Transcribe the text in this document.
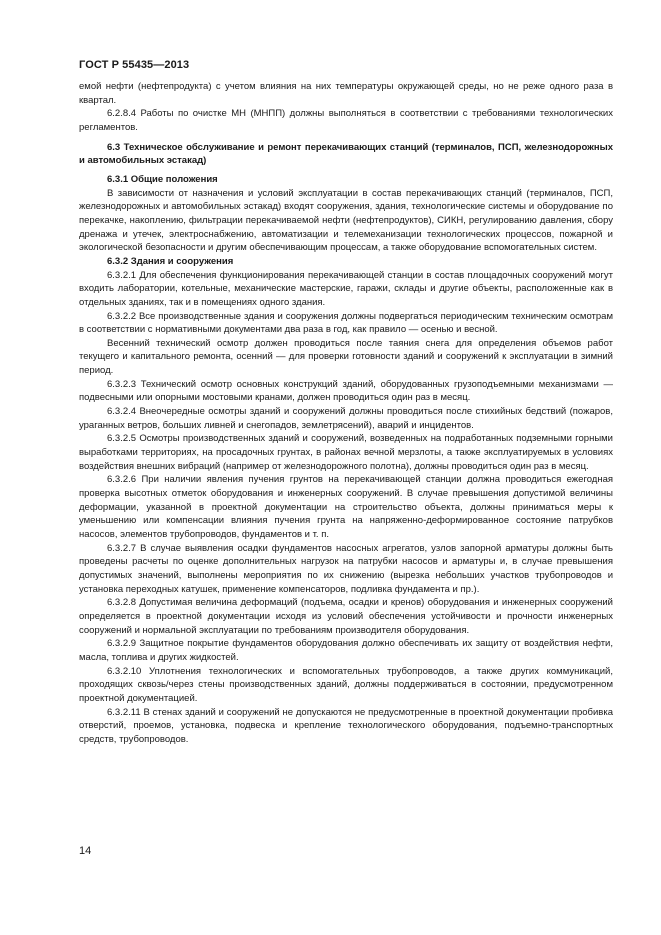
ГОСТ Р 55435—2013

емой нефти (нефтепродукта) с учетом влияния на них температуры окружающей среды, но не реже одного раза в квартал.

6.2.8.4 Работы по очистке МН (МНПП) должны выполняться в соответствии с требованиями технологических регламентов.

6.3 Техническое обслуживание и ремонт перекачивающих станций (терминалов, ПСП, железнодорожных и автомобильных эстакад)

6.3.1 Общие положения

В зависимости от назначения и условий эксплуатации в состав перекачивающих станций (терминалов, ПСП, железнодорожных и автомобильных эстакад) входят сооружения, здания, технологические системы и оборудование по перекачке, накоплению, фильтрации перекачиваемой нефти (нефтепродуктов), СИКН, регулированию давления, сбору дренажа и утечек, электроснабжению, автоматизации и телемеханизации технологических процессов, пожарной и экологической безопасности и другим обеспечивающим процессам, а также оборудование вспомогательных систем.

6.3.2 Здания и сооружения

6.3.2.1 Для обеспечения функционирования перекачивающей станции в состав площадочных сооружений могут входить лаборатории, котельные, механические мастерские, гаражи, склады и другие объекты, расположенные как в отдельных зданиях, так и в помещениях одного здания.

6.3.2.2 Все производственные здания и сооружения должны подвергаться периодическим техническим осмотрам в соответствии с нормативными документами два раза в год, как правило — осенью и весной.

Весенний технический осмотр должен проводиться после таяния снега для определения объемов работ текущего и капитального ремонта, осенний — для проверки готовности зданий и сооружений к эксплуатации в зимний период.

6.3.2.3 Технический осмотр основных конструкций зданий, оборудованных грузоподъемными механизмами — подвесными или опорными мостовыми кранами, должен проводиться один раз в месяц.

6.3.2.4 Внеочередные осмотры зданий и сооружений должны проводиться после стихийных бедствий (пожаров, ураганных ветров, больших ливней и снегопадов, землетрясений), аварий и инцидентов.

6.3.2.5 Осмотры производственных зданий и сооружений, возведенных на подработанных подземными горными выработками территориях, на просадочных грунтах, в районах вечной мерзлоты, а также эксплуатируемых в условиях воздействия внешних вибраций (например от железнодорожного полотна), должны проводиться один раз в месяц.

6.3.2.6 При наличии явления пучения грунтов на перекачивающей станции должна проводиться ежегодная проверка высотных отметок оборудования и инженерных сооружений. В случае превышения допустимой величины деформации, указанной в проектной документации на строительство объекта, должны приниматься меры к уменьшению или компенсации влияния пучения грунта на напряженно-деформированное состояние патрубков насосов, элементов трубопроводов, фундаментов и т. п.

6.3.2.7 В случае выявления осадки фундаментов насосных агрегатов, узлов запорной арматуры должны быть проведены расчеты по оценке дополнительных нагрузок на патрубки насосов и арматуры и, в случае превышения допустимых значений, выполнены мероприятия по их снижению (вырезка небольших участков трубопроводов и установка переходных катушек, применение компенсаторов, подливка фундамента и пр.).

6.3.2.8 Допустимая величина деформаций (подъема, осадки и кренов) оборудования и инженерных сооружений определяется в проектной документации исходя из условий обеспечения устойчивости и прочности инженерных сооружений и нормальной эксплуатации по требованиям производителя оборудования.

6.3.2.9 Защитное покрытие фундаментов оборудования должно обеспечивать их защиту от воздействия нефти, масла, топлива и других жидкостей.

6.3.2.10 Уплотнения технологических и вспомогательных трубопроводов, а также других коммуникаций, проходящих сквозь/через стены производственных зданий, должны поддерживаться в состоянии, предусмотренном проектной документацией.

6.3.2.11 В стенах зданий и сооружений не допускаются не предусмотренные в проектной документации пробивка отверстий, проемов, установка, подвеска и крепление технологического оборудования, подъемно-транспортных средств, трубопроводов.

14
